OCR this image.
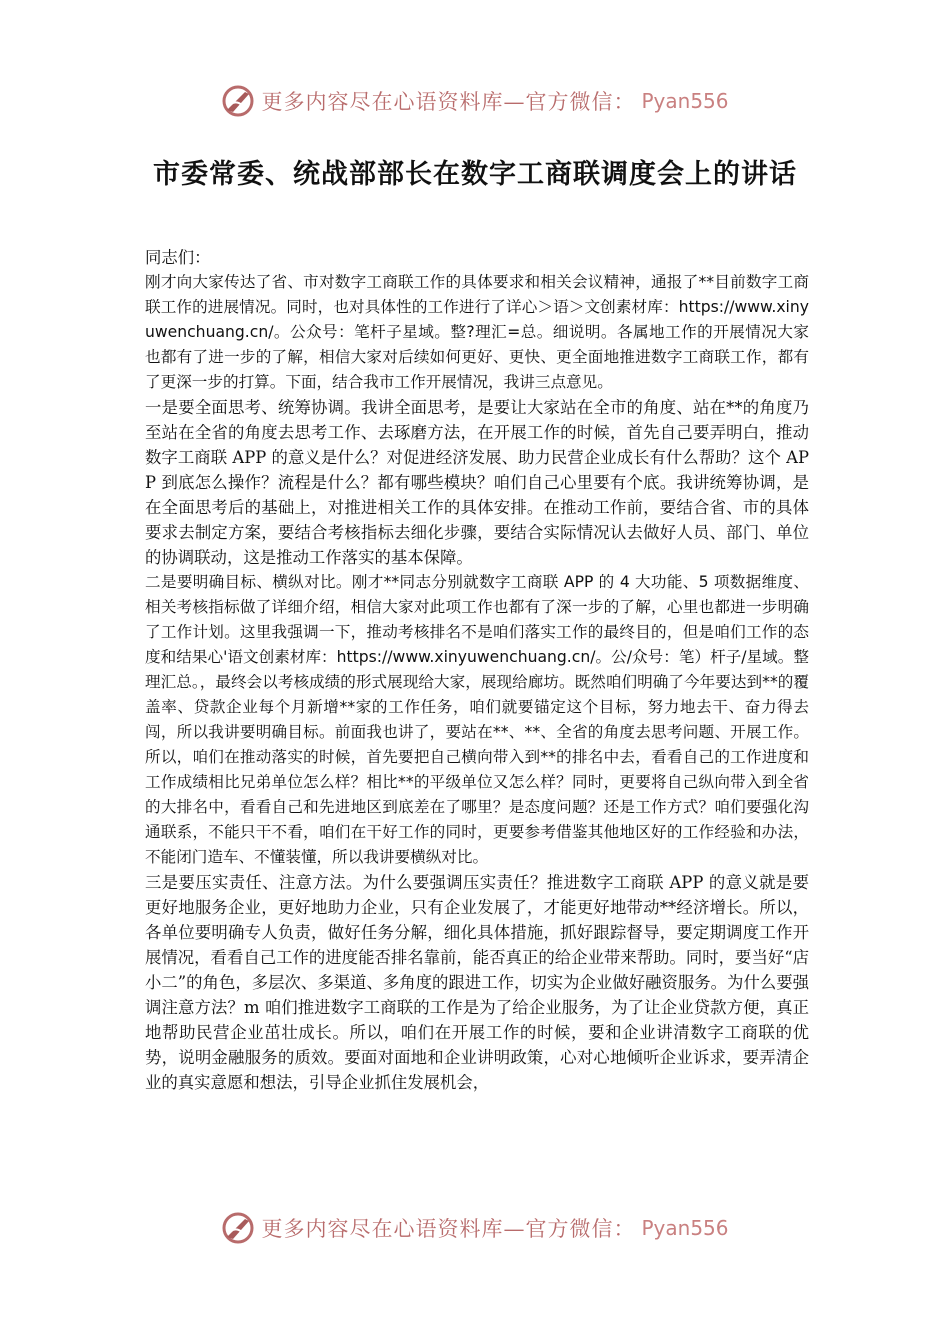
更多内容尽在心语资料库—官方微信： Pyan556
市委常委、统战部部长在数字工商联调度会上的讲话

同志们：

刚才向大家传达了省、市对数字工商联工作的具体要求和相关会议精神，通报了**目前数字工商联工作的进展情况。同时，也对具体性的工作进行了详心＞语＞文创素材库：https://www.xinyuwenchuang.cn/。公众号：笔杆子星域。整?理汇=总。细说明。各属地工作的开展情况大家也都有了进一步的了解，相信大家对后续如何更好、更快、更全面地推进数字工商联工作，都有了更深一步的打算。下面，结合我市工作开展情况，我讲三点意见。

一是要全面思考、统筹协调。我讲全面思考，是要让大家站在全市的角度、站在**的角度乃至站在全省的角度去思考工作、去琢磨方法，在开展工作的时候，首先自己要弄明白，推动数字工商联 APP 的意义是什么？对促进经济发展、助力民营企业成长有什么帮助？这个 APP 到底怎么操作？流程是什么？都有哪些模块？咱们自己心里要有个底。我讲统筹协调，是在全面思考后的基础上，对推进相关工作的具体安排。在推动工作前，要结合省、市的具体要求去制定方案，要结合考核指标去细化步骤，要结合实际情况认去做好人员、部门、单位的协调联动，这是推动工作落实的基本保障。

二是要明确目标、横纵对比。刚才**同志分别就数字工商联 APP 的 4 大功能、5 项数据维度、相关考核指标做了详细介绍，相信大家对此项工作也都有了深一步的了解，心里也都进一步明确了工作计划。这里我强调一下，推动考核排名不是咱们落实工作的最终目的，但是咱们工作的态度和结果心'语文创素材库：https://www.xinyuwenchuang.cn/。公/众号：笔）杆子/星域。整理汇总。，最终会以考核成绩的形式展现给大家，展现给廊坊。既然咱们明确了今年要达到**的覆盖率、贷款企业每个月新增**家的工作任务，咱们就要锚定这个目标，努力地去干、奋力得去闯，所以我讲要明确目标。前面我也讲了，要站在**、**、全省的角度去思考问题、开展工作。所以，咱们在推动落实的时候，首先要把自己横向带入到**的排名中去，看看自己的工作进度和工作成绩相比兄弟单位怎么样？相比**的平级单位又怎么样？同时，更要将自己纵向带入到全省的大排名中，看看自己和先进地区到底差在了哪里？是态度问题？还是工作方式？咱们要强化沟通联系，不能只干不看，咱们在干好工作的同时，更要参考借鉴其他地区好的工作经验和办法，不能闭门造车、不懂装懂，所以我讲要横纵对比。

三是要压实责任、注意方法。为什么要强调压实责任？推进数字工商联 APP 的意义就是要更好地服务企业，更好地助力企业，只有企业发展了，才能更好地带动**经济增长。所以，各单位要明确专人负责，做好任务分解，细化具体措施，抓好跟踪督导，要定期调度工作开展情况，看看自己工作的进度能否排名靠前，能否真正的给企业带来帮助。同时，要当好“店小二”的角色，多层次、多渠道、多角度的跟进工作，切实为企业做好融资服务。为什么要强调注意方法？m 咱们推进数字工商联的工作是为了给企业服务，为了让企业贷款方便，真正地帮助民营企业茁壮成长。所以，咱们在开展工作的时候，要和企业讲清数字工商联的优势，说明金融服务的质效。要面对面地和企业讲明政策，心对心地倾听企业诉求，要弄清企业的真实意愿和想法，引导企业抓住发展机会，

更多内容尽在心语资料库—官方微信： Pyan556
